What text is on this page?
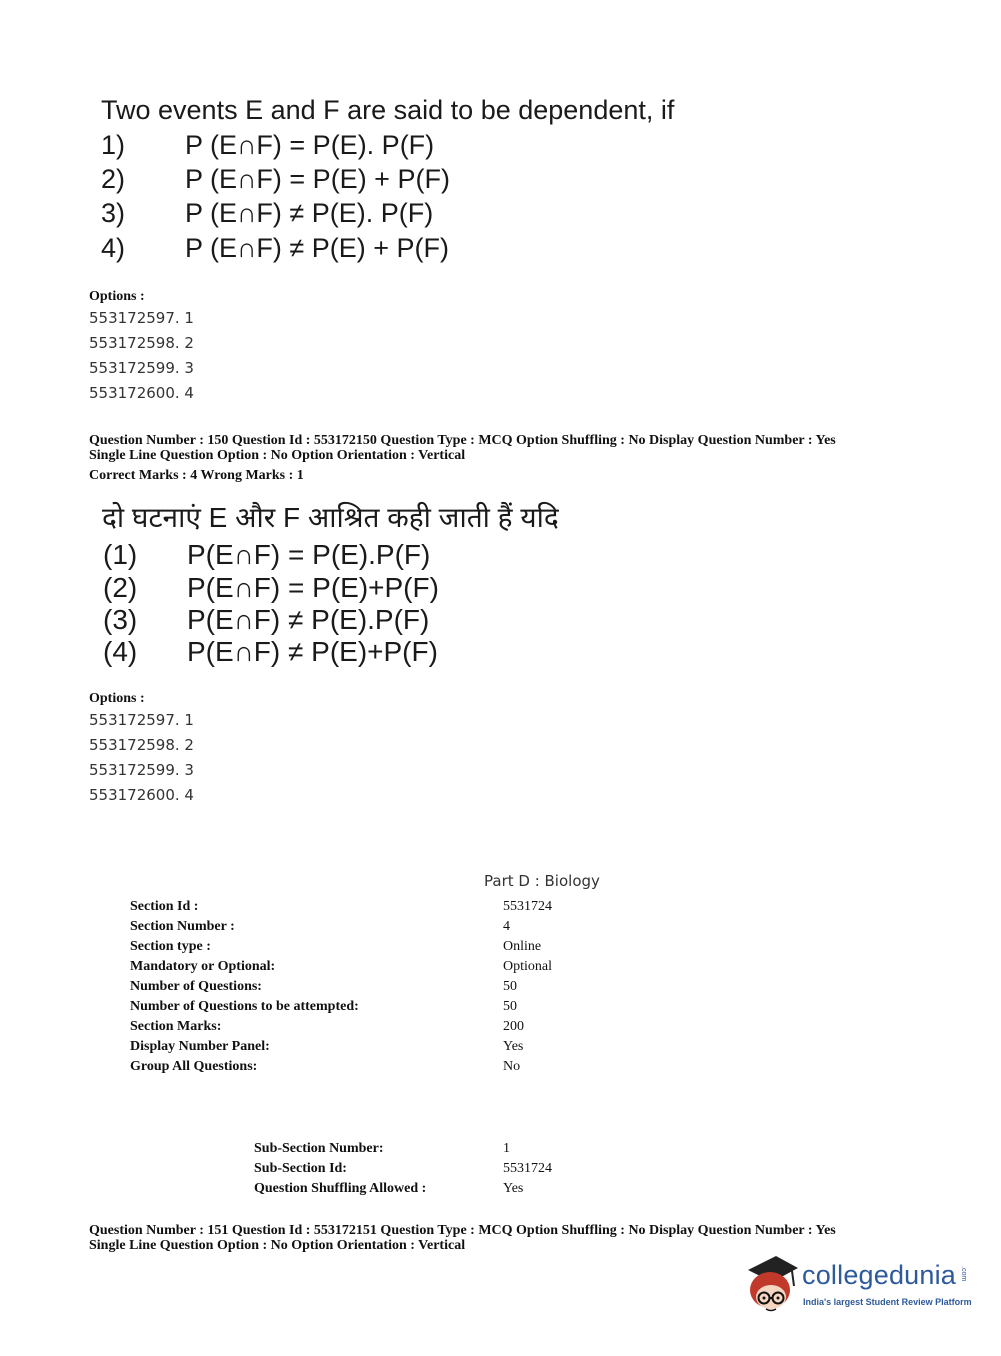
Two events E and F are said to be dependent, if
1) P (E∩F) = P(E). P(F)
2) P (E∩F) = P(E) + P(F)
3) P (E∩F) ≠ P(E). P(F)
4) P (E∩F) ≠ P(E) + P(F)
Options :
553172597. 1
553172598. 2
553172599. 3
553172600. 4
Question Number : 150 Question Id : 553172150 Question Type : MCQ Option Shuffling : No Display Question Number : Yes
Single Line Question Option : No Option Orientation : Vertical
Correct Marks : 4 Wrong Marks : 1
दो घटनाएं E और F आश्रित कही जाती हैं यदि
(1) P(E∩F) = P(E).P(F)
(2) P(E∩F) = P(E)+P(F)
(3) P(E∩F) ≠ P(E).P(F)
(4) P(E∩F) ≠ P(E)+P(F)
Options :
553172597. 1
553172598. 2
553172599. 3
553172600. 4
Part D : Biology
Section Id :	5531724
Section Number :	4
Section type :	Online
Mandatory or Optional:	Optional
Number of Questions:	50
Number of Questions to be attempted:	50
Section Marks:	200
Display Number Panel:	Yes
Group All Questions:	No
Sub-Section Number:	1
Sub-Section Id:	5531724
Question Shuffling Allowed :	Yes
Question Number : 151 Question Id : 553172151 Question Type : MCQ Option Shuffling : No Display Question Number : Yes
Single Line Question Option : No Option Orientation : Vertical
collegedunia .com
India's largest Student Review Platform
